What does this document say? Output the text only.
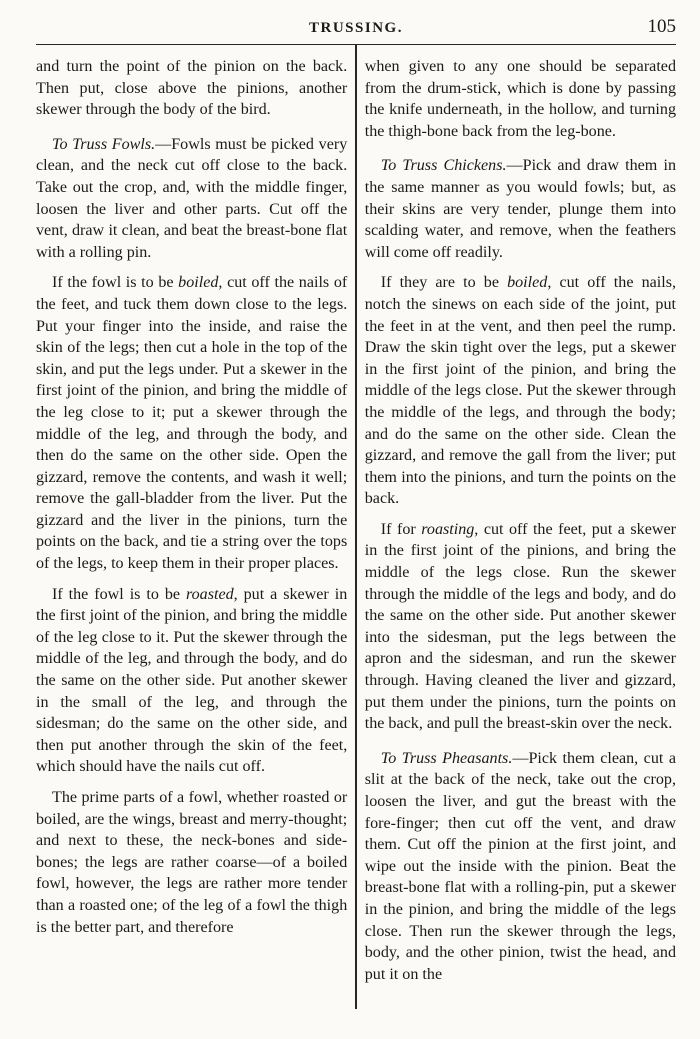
TRUSSING.	105

and turn the point of the pinion on the back. Then put, close above the pinions, another skewer through the body of the bird.

To Truss Fowls.—Fowls must be picked very clean, and the neck cut off close to the back. Take out the crop, and, with the middle finger, loosen the liver and other parts. Cut off the vent, draw it clean, and beat the breast-bone flat with a rolling pin.

If the fowl is to be boiled, cut off the nails of the feet, and tuck them down close to the legs. Put your finger into the inside, and raise the skin of the legs; then cut a hole in the top of the skin, and put the legs under. Put a skewer in the first joint of the pinion, and bring the middle of the leg close to it; put a skewer through the middle of the leg, and through the body, and then do the same on the other side. Open the gizzard, remove the contents, and wash it well; remove the gall-bladder from the liver. Put the gizzard and the liver in the pinions, turn the points on the back, and tie a string over the tops of the legs, to keep them in their proper places.

If the fowl is to be roasted, put a skewer in the first joint of the pinion, and bring the middle of the leg close to it. Put the skewer through the middle of the leg, and through the body, and do the same on the other side. Put another skewer in the small of the leg, and through the sidesman; do the same on the other side, and then put another through the skin of the feet, which should have the nails cut off.

The prime parts of a fowl, whether roasted or boiled, are the wings, breast and merry-thought; and next to these, the neck-bones and side-bones; the legs are rather coarse—of a boiled fowl, however, the legs are rather more tender than a roasted one; of the leg of a fowl the thigh is the better part, and therefore

when given to any one should be separated from the drum-stick, which is done by passing the knife underneath, in the hollow, and turning the thigh-bone back from the leg-bone.

To Truss Chickens.—Pick and draw them in the same manner as you would fowls; but, as their skins are very tender, plunge them into scalding water, and remove, when the feathers will come off readily.

If they are to be boiled, cut off the nails, notch the sinews on each side of the joint, put the feet in at the vent, and then peel the rump. Draw the skin tight over the legs, put a skewer in the first joint of the pinion, and bring the middle of the legs close. Put the skewer through the middle of the legs, and through the body; and do the same on the other side. Clean the gizzard, and remove the gall from the liver; put them into the pinions, and turn the points on the back.

If for roasting, cut off the feet, put a skewer in the first joint of the pinions, and bring the middle of the legs close. Run the skewer through the middle of the legs and body, and do the same on the other side. Put another skewer into the sidesman, put the legs between the apron and the sidesman, and run the skewer through. Having cleaned the liver and gizzard, put them under the pinions, turn the points on the back, and pull the breast-skin over the neck.

To Truss Pheasants.—Pick them clean, cut a slit at the back of the neck, take out the crop, loosen the liver, and gut the breast with the fore-finger; then cut off the vent, and draw them. Cut off the pinion at the first joint, and wipe out the inside with the pinion. Beat the breast-bone flat with a rolling-pin, put a skewer in the pinion, and bring the middle of the legs close. Then run the skewer through the legs, body, and the other pinion, twist the head, and put it on the
